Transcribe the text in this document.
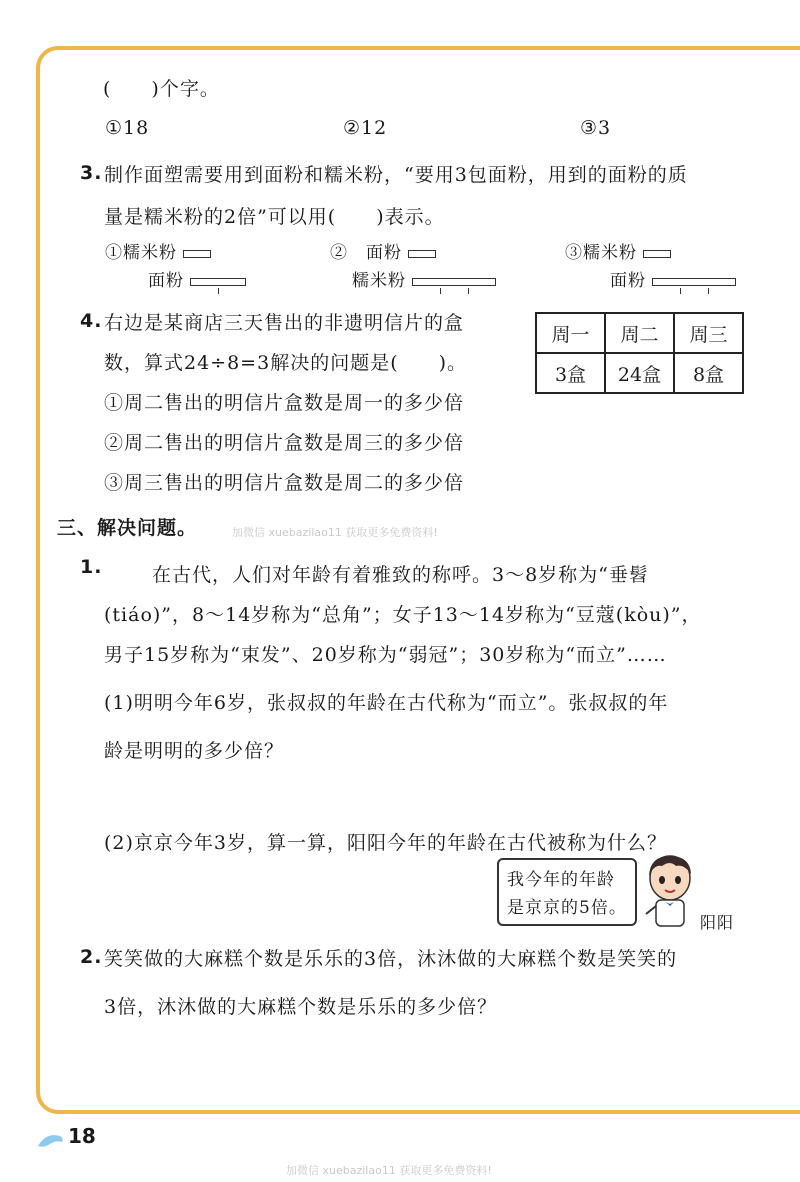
(　　)个字。
①18	②12	③3
3. 制作面塑需要用到面粉和糯米粉，“要用3包面粉，用到的面粉的质
量是糯米粉的2倍”可以用(　　)表示。
①糯米粉
面粉
②　面粉
糯米粉
③糯米粉
面粉
4. 右边是某商店三天售出的非遗明信片的盒
数，算式24÷8=3解决的问题是(　　)。
①周二售出的明信片盒数是周一的多少倍
②周二售出的明信片盒数是周三的多少倍
③周三售出的明信片盒数是周二的多少倍
周一	周二	周三
3盒	24盒	8盒
三、解决问题。	加微信 xuebazilao11 获取更多免费资料!
1.	在古代，人们对年龄有着雅致的称呼。3～8岁称为“垂髫
(tiáo)”，8～14岁称为“总角”；女子13～14岁称为“豆蔻(kòu)”，
男子15岁称为“束发”、20岁称为“弱冠”；30岁称为“而立”……
(1)明明今年6岁，张叔叔的年龄在古代称为“而立”。张叔叔的年
龄是明明的多少倍？
(2)京京今年3岁，算一算，阳阳今年的年龄在古代被称为什么？
我今年的年龄
是京京的5倍。
阳阳
2. 笑笑做的大麻糕个数是乐乐的3倍，沐沐做的大麻糕个数是笑笑的
3倍，沐沐做的大麻糕个数是乐乐的多少倍？
18
加微信 xuebazilao11 获取更多免费资料!
